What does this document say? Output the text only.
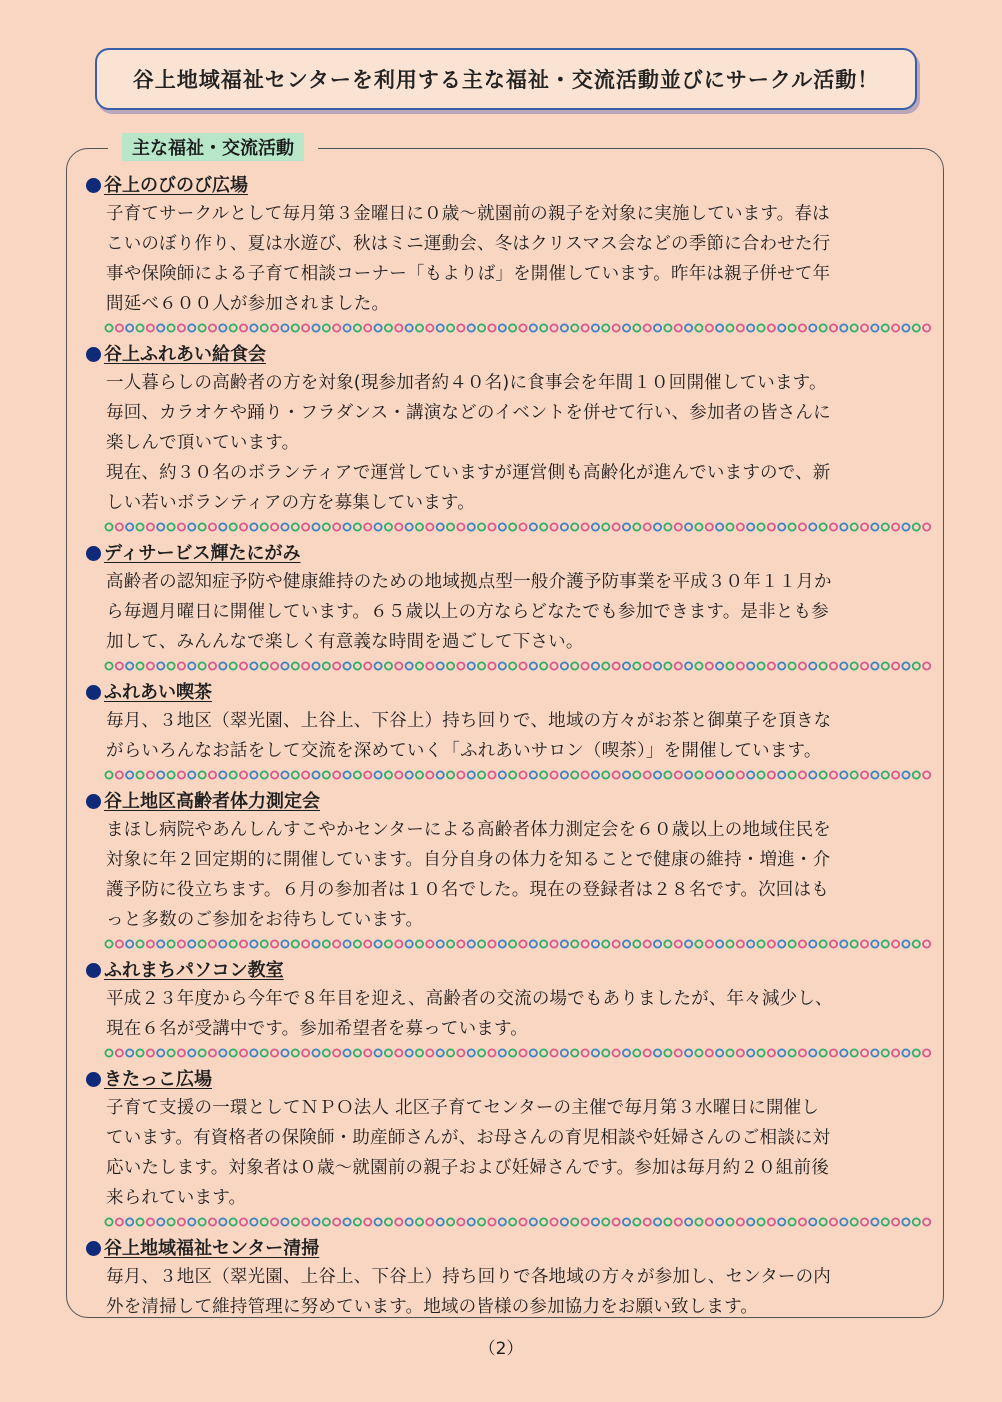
谷上地域福祉センターを利用する主な福祉・交流活動並びにサークル活動！
主な福祉・交流活動
谷上のびのび広場
子育てサークルとして毎月第３金曜日に０歳～就園前の親子を対象に実施しています。春は
こいのぼり作り、夏は水遊び、秋はミニ運動会、冬はクリスマス会などの季節に合わせた行
事や保険師による子育て相談コーナー「もよりば」を開催しています。昨年は親子併せて年
間延べ６００人が参加されました。
谷上ふれあい給食会
一人暮らしの高齢者の方を対象(現参加者約４０名)に食事会を年間１０回開催しています。
毎回、カラオケや踊り・フラダンス・講演などのイベントを併せて行い、参加者の皆さんに
楽しんで頂いています。
現在、約３０名のボランティアで運営していますが運営側も高齢化が進んでいますので、新
しい若いボランティアの方を募集しています。
ディサービス輝たにがみ
高齢者の認知症予防や健康維持のための地域拠点型一般介護予防事業を平成３０年１１月か
ら毎週月曜日に開催しています。６５歳以上の方ならどなたでも参加できます。是非とも参
加して、みんんなで楽しく有意義な時間を過ごして下さい。
ふれあい喫茶
毎月、３地区（翠光園、上谷上、下谷上）持ち回りで、地域の方々がお茶と御菓子を頂きな
がらいろんなお話をして交流を深めていく「ふれあいサロン（喫茶）」を開催しています。
谷上地区高齢者体力測定会
まほし病院やあんしんすこやかセンターによる高齢者体力測定会を６０歳以上の地域住民を
対象に年２回定期的に開催しています。自分自身の体力を知ることで健康の維持・増進・介
護予防に役立ちます。６月の参加者は１０名でした。現在の登録者は２８名です。次回はも
っと多数のご参加をお待ちしています。
ふれまちパソコン教室
平成２３年度から今年で８年目を迎え、高齢者の交流の場でもありましたが、年々減少し、
現在６名が受講中です。参加希望者を募っています。
きたっこ広場
子育て支援の一環としてＮＰＯ法人 北区子育てセンターの主催で毎月第３水曜日に開催し
ています。有資格者の保険師・助産師さんが、お母さんの育児相談や妊婦さんのご相談に対
応いたします。対象者は０歳～就園前の親子および妊婦さんです。参加は毎月約２０組前後
来られています。
谷上地域福祉センター清掃
毎月、３地区（翠光園、上谷上、下谷上）持ち回りで各地域の方々が参加し、センターの内
外を清掃して維持管理に努めています。地域の皆様の参加協力をお願い致します。
（2）
